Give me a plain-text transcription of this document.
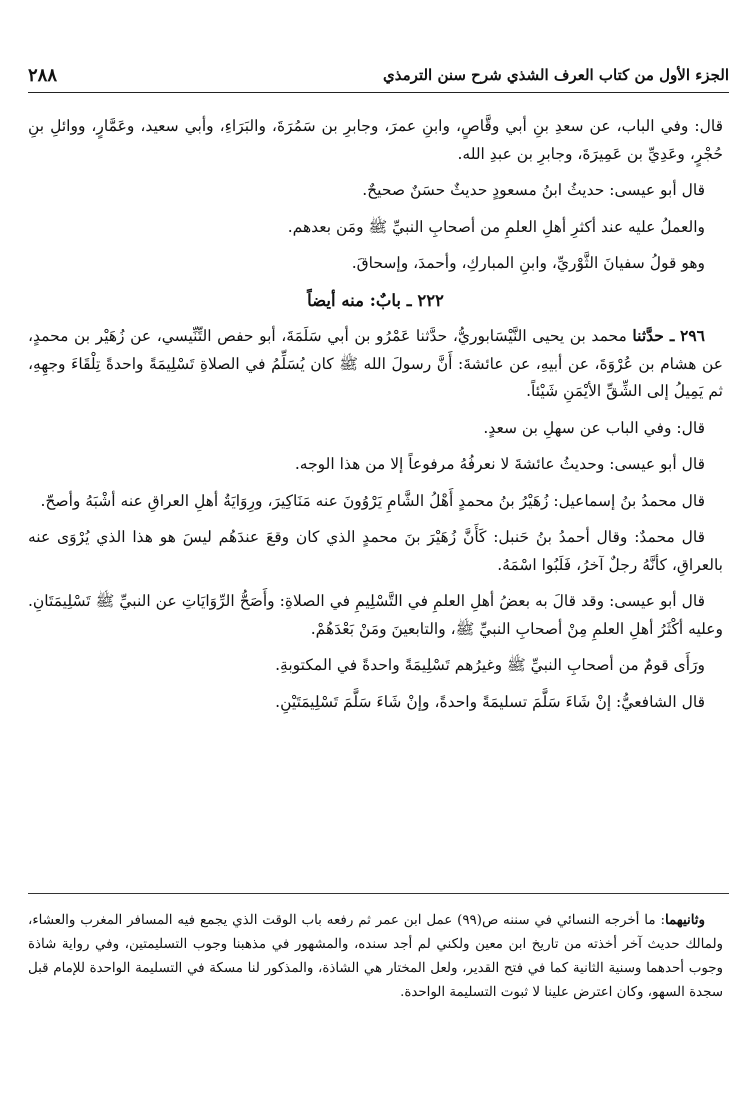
الجزء الأول من كتاب العرف الشذي شرح سنن الترمذي
٢٨٨

قال: وفي الباب، عن سعدِ بنِ أبي وقَّاصٍ، وابنِ عمرَ، وجابرِ بن سَمُرَةَ، والبَرَاءِ، وأبي سعيد، وعَمَّارٍ، ووائلِ بنِ حُجْرٍ، وعَدِيِّ بن عَمِيرَةَ، وجابرِ بن عبدِ الله.

قال أبو عيسى: حديثُ ابنُ مسعودٍ حديثٌ حسَنٌ صحيحٌ.

والعملُ عليه عند أكثرِ أهلِ العلمِ من أصحابِ النبيِّ ﷺ ومَن بعدهم.

وهو قولُ سفيانَ الثَّوْريِّ، وابنِ المباركِ، وأحمدَ، وإسحاقَ.

٢٢٢ ـ بابٌ: منه أيضاً

٢٩٦ ـ حدَّثنا محمد بن يحيى النَّيْسَابوريُّ، حدَّثنا عَمْرُو بن أبي سَلَمَةَ، أبو حفص التِّنِّيسي، عن زُهَيْر بن محمدٍ، عن هشام بن عُرْوَةَ، عن أبيهِ، عن عائشةَ: أَنَّ رسولَ الله ﷺ كان يُسَلِّمُ في الصلاةِ تَسْلِيمَةً واحدةً تِلْقَاءَ وجهِهِ، ثم يَمِيلُ إلى الشِّقِّ الأيْمَنِ شَيْئاً.

قال: وفي الباب عن سهلِ بن سعدٍ.

قال أبو عيسى: وحديثُ عائشةَ لا نعرفُهُ مرفوعاً إلا من هذا الوجه.

قال محمدُ بنُ إسماعيل: زُهَيْرُ بنُ محمدٍ أَهْلُ الشَّامِ يَرْوُونَ عنه مَنَاكِيرَ، ورِوَايَةُ أهلِ العراقِ عنه أشْبَهُ وأصحّ.

قال محمدٌ: وقال أحمدُ بنُ حَنبل: كَأَنَّ زُهَيْرَ بنَ محمدٍ الذي كان وقعَ عندَهُم ليسَ هو هذا الذي يُرْوَى عنه بالعراقِ، كأنَّهُ رجلٌ آخرُ، فَلَبُوا اسْمَهُ.

قال أبو عيسى: وقد قالَ به بعضُ أهلِ العلمِ في التَّسْلِيمِ في الصلاةِ: وأَصَحُّ الرِّوَايَاتِ عن النبيِّ ﷺ تَسْلِيمَتَانِ. وعليه أكْثَرُ أهلِ العلمِ مِنْ أصحابِ النبيِّ ﷺ، والتابعينَ ومَنْ بَعْدَهُمْ.

ورَأَى قومٌ من أصحابِ النبيِّ ﷺ وغيرُهم تَسْلِيمَةً واحدةً في المكتوبةِ.

قال الشافعيُّ: إنْ شَاءَ سَلَّمَ تسليمَةً واحدةً، وإنْ شَاءَ سَلَّمَ تَسْلِيمَتَيْنِ.

وثانيهما: ما أخرجه النسائي في سننه ص(٩٩) عمل ابن عمر ثم رفعه باب الوقت الذي يجمع فيه المسافر المغرب والعشاء، ولمالك حديث آخر أخذته من تاريخ ابن معين ولكني لم أجد سنده، والمشهور في مذهبنا وجوب التسليمتين، وفي رواية شاذة وجوب أحدهما وسنية الثانية كما في فتح القدير، ولعل المختار هي الشاذة، والمذكور لنا مسكة في التسليمة الواحدة للإمام قبل سجدة السهو، وكان اعترض علينا لا ثبوت التسليمة الواحدة.
